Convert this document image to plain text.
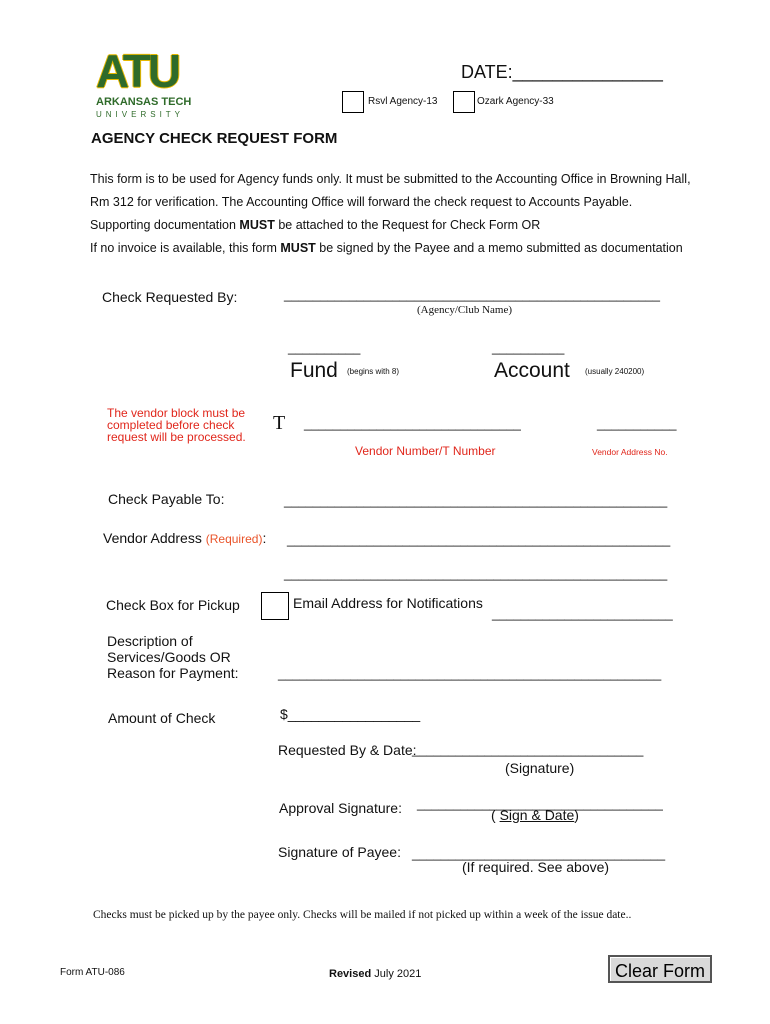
ATU
ARKANSAS TECH
UNIVERSITY
DATE:_______________
Rsvl Agency-13	Ozark Agency-33
AGENCY CHECK REQUEST FORM
This form is to be used for Agency funds only. It must be submitted to the Accounting Office in Browning Hall,
Rm 312 for verification. The Accounting Office will forward the check request to Accounts Payable.
Supporting documentation MUST be attached to the Request for Check Form OR
If no invoice is available, this form MUST be signed by the Payee and a memo submitted as documentation
Check Requested By:	____________________________________________________
(Agency/Club Name)
__________
Fund (begins with 8)
__________
Account (usually 240200)
The vendor block must be
completed before check
request will be processed.
T ______________________________
Vendor Number/T Number
___________
Vendor Address No.
Check Payable To:	_____________________________________________________
Vendor Address (Required): _____________________________________________________
_____________________________________________________
Check Box for Pickup	Email Address for Notifications
_________________________
Description of
Services/Goods OR
Reason for Payment:	_____________________________________________________
Amount of Check	$_________________
Requested By & Date:
________________________________
(Signature)
Approval Signature: __________________________________
( Sign & Date)
Signature of Payee: ___________________________________
(If required. See above)
Checks must be picked up by the payee only. Checks will be mailed if not picked up within a week of the issue date..
Form ATU-086	Revised July 2021	Clear Form
